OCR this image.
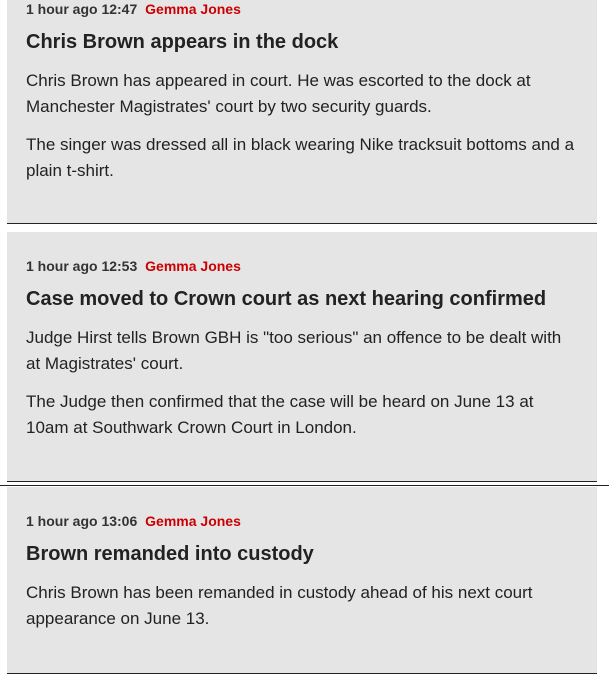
1 hour ago 12:47 Gemma Jones
Chris Brown appears in the dock

Chris Brown has appeared in court. He was escorted to the dock at Manchester Magistrates' court by two security guards.

The singer was dressed all in black wearing Nike tracksuit bottoms and a plain t-shirt.

1 hour ago 12:53 Gemma Jones
Case moved to Crown court as next hearing confirmed

Judge Hirst tells Brown GBH is "too serious" an offence to be dealt with at Magistrates' court.

The Judge then confirmed that the case will be heard on June 13 at 10am at Southwark Crown Court in London.

1 hour ago 13:06 Gemma Jones
Brown remanded into custody

Chris Brown has been remanded in custody ahead of his next court appearance on June 13.
